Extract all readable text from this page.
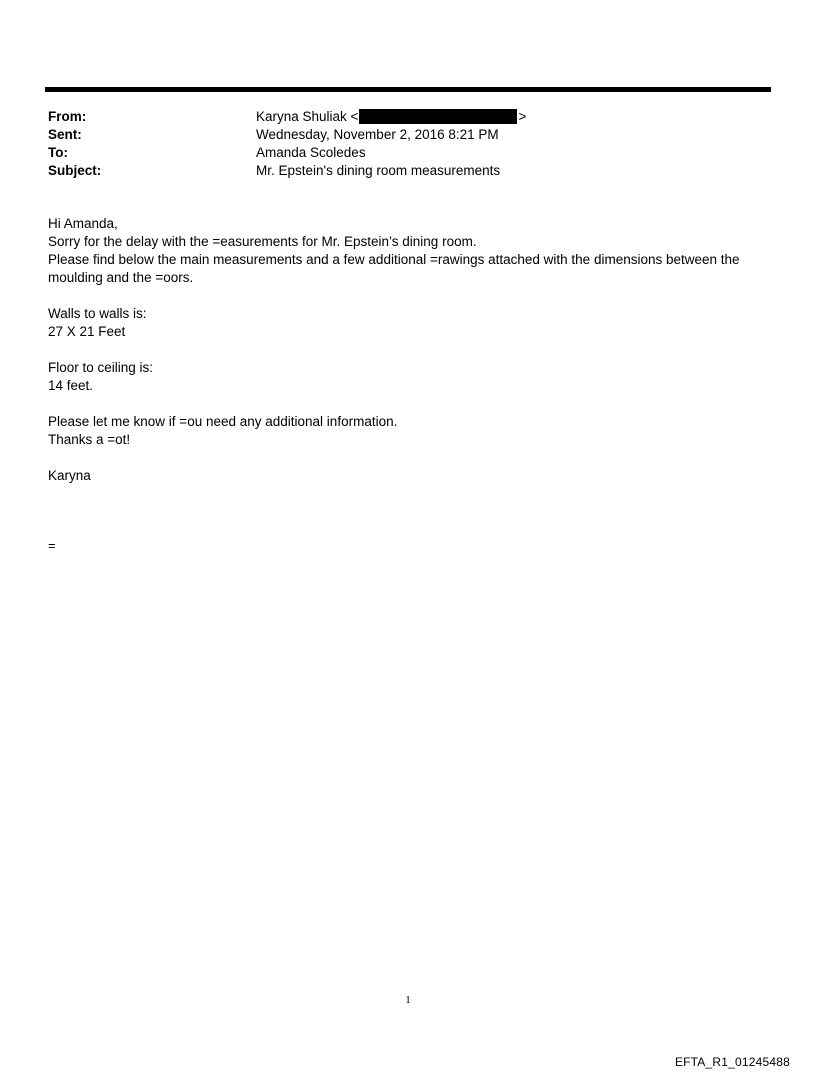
From:	Karyna Shuliak <	>
Sent:	Wednesday, November 2, 2016 8:21 PM
To:	Amanda Scoledes
Subject:	Mr. Epstein's dining room measurements

Hi Amanda,

Sorry for the delay with the =easurements for Mr. Epstein’s dining room.

Please find below the main measurements and a few additional =rawings attached with the dimensions between the moulding and the =oors.

Walls to walls is:

27 X 21 Feet

Floor to ceiling is:

14 feet.

Please let me know if =ou need any additional information.

Thanks a =ot!

Karyna

=
1
EFTA_R1_01245488
